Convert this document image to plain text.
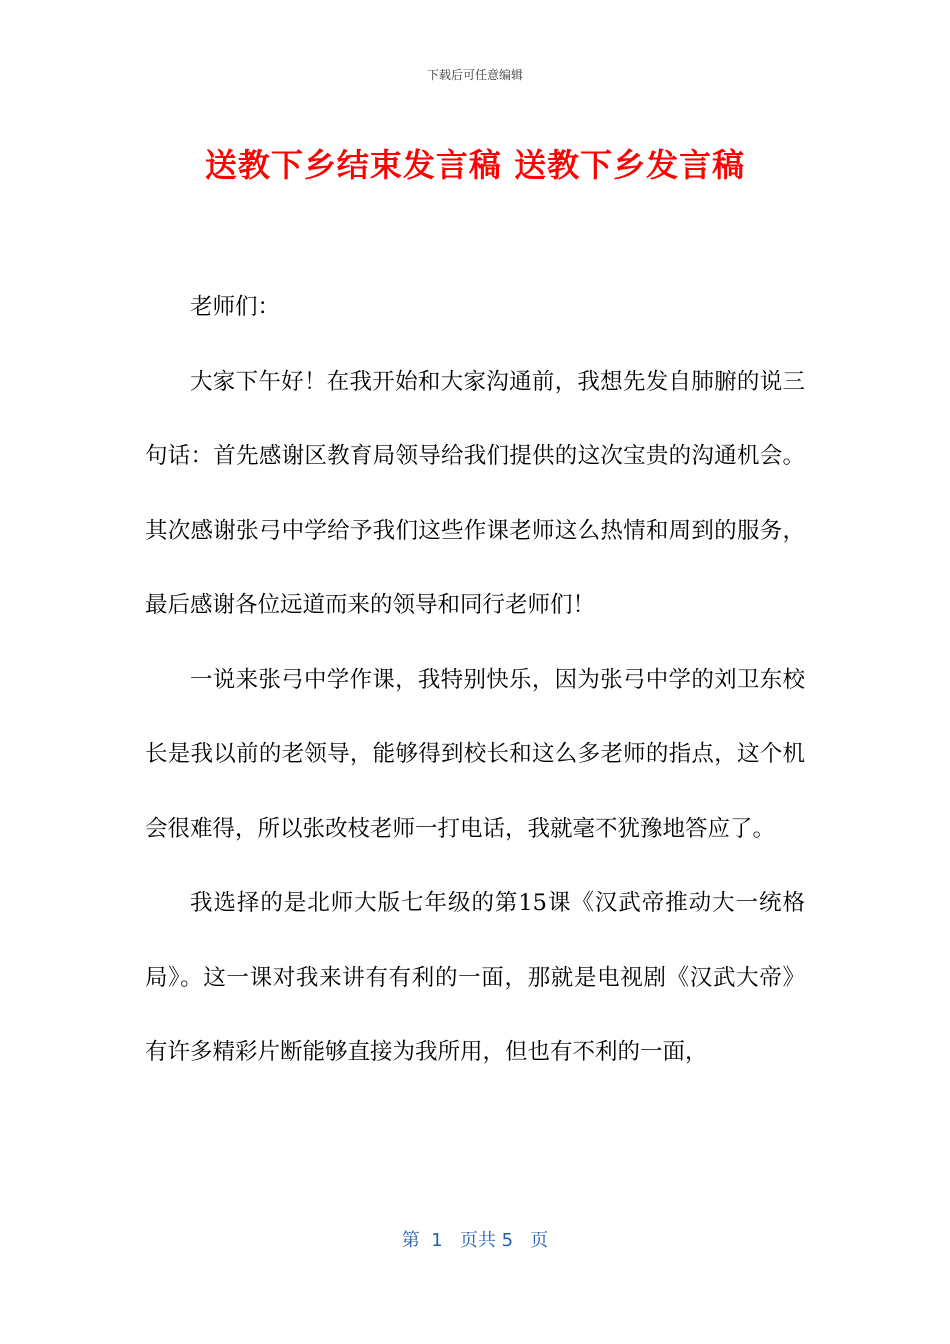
下载后可任意编辑
送教下乡结束发言稿 送教下乡发言稿

老师们：

大家下午好！在我开始和大家沟通前，我想先发自肺腑的说三句话：首先感谢区教育局领导给我们提供的这次宝贵的沟通机会。其次感谢张弓中学给予我们这些作课老师这么热情和周到的服务，最后感谢各位远道而来的领导和同行老师们！

一说来张弓中学作课，我特别快乐，因为张弓中学的刘卫东校长是我以前的老领导，能够得到校长和这么多老师的指点，这个机会很难得，所以张改枝老师一打电话，我就毫不犹豫地答应了。

我选择的是北师大版七年级的第15课《汉武帝推动大一统格局》。这一课对我来讲有有利的一面，那就是电视剧《汉武大帝》有许多精彩片断能够直接为我所用，但也有不利的一面，

第  1   页共 5   页
